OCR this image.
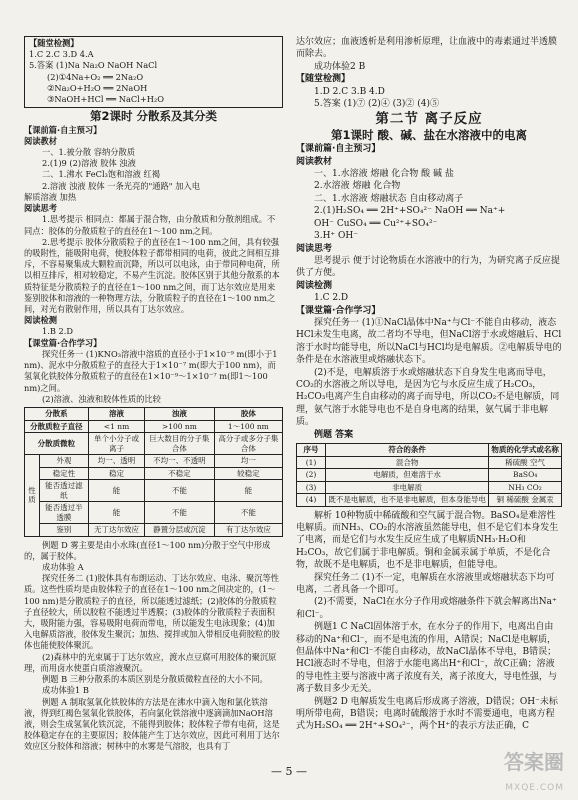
【随堂检测】
1.C 2.C 3.D 4.A
5.答案 (1)Na Na₂O NaOH NaCl
(2)①4Na+O₂ ══ 2Na₂O
②Na₂O+H₂O ══ 2NaOH
③NaOH+HCl ══ NaCl+H₂O
第2课时 分散系及其分类
【课前篇·自主预习】
阅读教材
一、1.被分散 容纳分散质
2.(1)9 (2)溶液 胶体 浊液
二、1.沸水 FeCl₃饱和溶液 红褐
2.溶液 浊液 胶体 一条光亮的"通路" 加入电
解质溶液 加热
阅读思考

1.思考提示 相同点：都属于混合物，由分散质和分散剂组成。不同点：胶体的分散质粒子的直径在1～100 nm之间。

2.思考提示 胶体分散质粒子的直径在1～100 nm之间，具有较强的吸附性，能吸附电荷，使胶体粒子都带相同的电荷，彼此之间相互排斥，不容易聚集成大颗粒而沉降，所以可以电泳，由于带同种电荷，所以相互排斥，相对较稳定，不易产生沉淀。胶体区别于其他分散系的本质特征是分散质粒子的直径在1～100 nm之间，而丁达尔效应是用来鉴别胶体和溶液的一种物理方法，分散质粒子的直径在1～100 nm之间，对光有散射作用，所以具有丁达尔效应。

阅读检测
1.B 2.D
【课堂篇·合作学习】

探究任务一 (1)KNO₃溶液中溶质的直径小于1×10⁻⁹ m(即小于1 nm)、泥水中分散质粒子的直径大于1×10⁻⁷ m(即大于100 nm)，而氢氧化铁胶体分散质粒子的直径在1×10⁻⁹～1×10⁻⁷ m(即1～100 nm)之间。

(2)溶液、浊液和胶体性质的比较

分散系		溶液	浊液	胶体
分散质粒子直径		<1 nm	>100 nm	1～100 nm
分散质微粒		单个小分子或离子	巨大数目的分子集合体	高分子或多分子集合体
性质	外观	均一、透明	不均一、不透明	均一
	稳定性	稳定	不稳定	较稳定
	能否透过滤纸	能	不能	能
	能否透过半透膜	能	不能	不能
	鉴别	无丁达尔效应	静置分层或沉淀	有丁达尔效应

例题 D 雾主要是由小水珠(直径1～100 nm)分散于空气中形成的，属于胶体。

成功体验 A

探究任务二 (1)胶体具有布朗运动、丁达尔效应、电泳、聚沉等性质。这些性质均是由胶体粒子的直径在1～100 nm之间决定的，(1～100 nm)是分散质粒子的直径，所以能透过滤纸；(2)胶体的分散质粒子直径较大，所以胶粒不能透过半透膜；(3)胶体的分散质粒子表面积大，吸附能力强，容易吸附电荷而带电，所以能发生电泳现象；(4)加入电解质溶液，胶体发生聚沉；加热、搅拌或加入带相反电荷胶粒的胶体也能使胶体聚沉。

(2)森林中的光束属于丁达尔效应，渡水点豆腐可用胶体的聚沉原理，而用卤水使蛋白质溶液聚沉。

例题 B 三种分散系的本质区别是分散质微粒直径的大小不同。

成功体验1 B

例题 A 制取氢氧化铁胶体的方法是在沸水中滴入饱和氯化铁溶液，得到红褐色氢氧化铁胶体，若向氯化铁溶液中逐滴滴加NaOH溶液，则会生成氢氧化铁沉淀，不能得到胶体；胶体粒子带有电荷，这是胶体稳定存在的主要原因；胶体能产生丁达尔效应，因此可利用丁达尔效应区分胶体和溶液；树林中的水雾是气溶胶，也具有丁

达尔效应；血液透析是利用渗析原理，让血液中的毒素通过半透膜而除去。

成功体验2 B
【随堂检测】
1.D 2.C 3.B 4.D
5.答案 (1)⑦ (2)④ (3)② (4)⑤
第二节 离子反应
第1课时 酸、碱、盐在水溶液中的电离
【课前篇·自主预习】
阅读教材
一、1.水溶液 熔融 化合物 酸 碱 盐
2.水溶液 熔融 化合物
二、1.水溶液 熔融状态 自由移动离子
2.(1)H₂SO₄ ══ 2H⁺+SO₄²⁻ NaOH ══ Na⁺+
OH⁻ CuSO₄ ══ Cu²⁺+SO₄²⁻
3.H⁺ OH⁻
阅读思考

思考提示 便于讨论物质在水溶液中的行为，为研究离子反应提供了方便。

阅读检测
1.C 2.D
【课堂篇·合作学习】

探究任务一 (1)①NaCl晶体中Na⁺与Cl⁻不能自由移动，液态HCl未发生电离，故二者均不导电，但NaCl溶于水或熔融后、HCl溶于水时均能导电，所以NaCl与HCl均是电解质。②电解质导电的条件是在水溶液里或熔融状态下。

(2)不是，电解质溶于水或熔融状态下自身发生电离而导电，CO₂的水溶液之所以导电，是因为它与水反应生成了H₂CO₃，H₂CO₃电离产生自由移动的离子而导电，所以CO₂不是电解质，同理，氨气溶于水能导电也不是自身电离的结果，氨气属于非电解质。

例题 答案
序号	符合的条件	物质的化学式或名称
(1)	混合物	稀硫酸 空气
(2)	电解质，但难溶于水	BaSO₄
(3)	非电解质	NH₃ CO₂
(4)	既不是电解质，也不是非电解质，但本身能导电	铜 稀硫酸 金属汞

解析 10种物质中稀硫酸和空气属于混合物。BaSO₄是难溶性电解质。而NH₃、CO₂的水溶液虽然能导电，但不是它们本身发生了电离，而是它们与水发生反应生成了电解质NH₃·H₂O和H₂CO₃，故它们属于非电解质。铜和金属汞属于单质，不是化合物，故既不是电解质，也不是非电解质，但能导电。

探究任务二 (1)不一定，电解质在水溶液里或熔融状态下均可电离，二者具备一个即可。

(2)不需要，NaCl在水分子作用或熔融条件下就会解离出Na⁺和Cl⁻。

例题1 C NaCl固体溶于水，在水分子的作用下，电离出自由移动的Na⁺和Cl⁻，而不是电流的作用，A错误；NaCl是电解质，但晶体中Na⁺和Cl⁻不能自由移动，故NaCl晶体不导电，B错误；HCl液态时不导电，但溶于水能电离出H⁺和Cl⁻，故C正确；溶液的导电性主要与溶液中离子浓度有关，离子浓度大，导电性强，与离子数目多少无关。

例题2 D 电解质发生电离后形成离子溶液，D错误；OH⁻未标明所带电荷，B错误；电离时硫酸溶于水时不需要通电，电离方程式为H₂SO₄ ══ 2H⁺+SO₄²⁻，两个H⁺的表示方法正确，C

— 5 —	答案圈
MXQE.COM
